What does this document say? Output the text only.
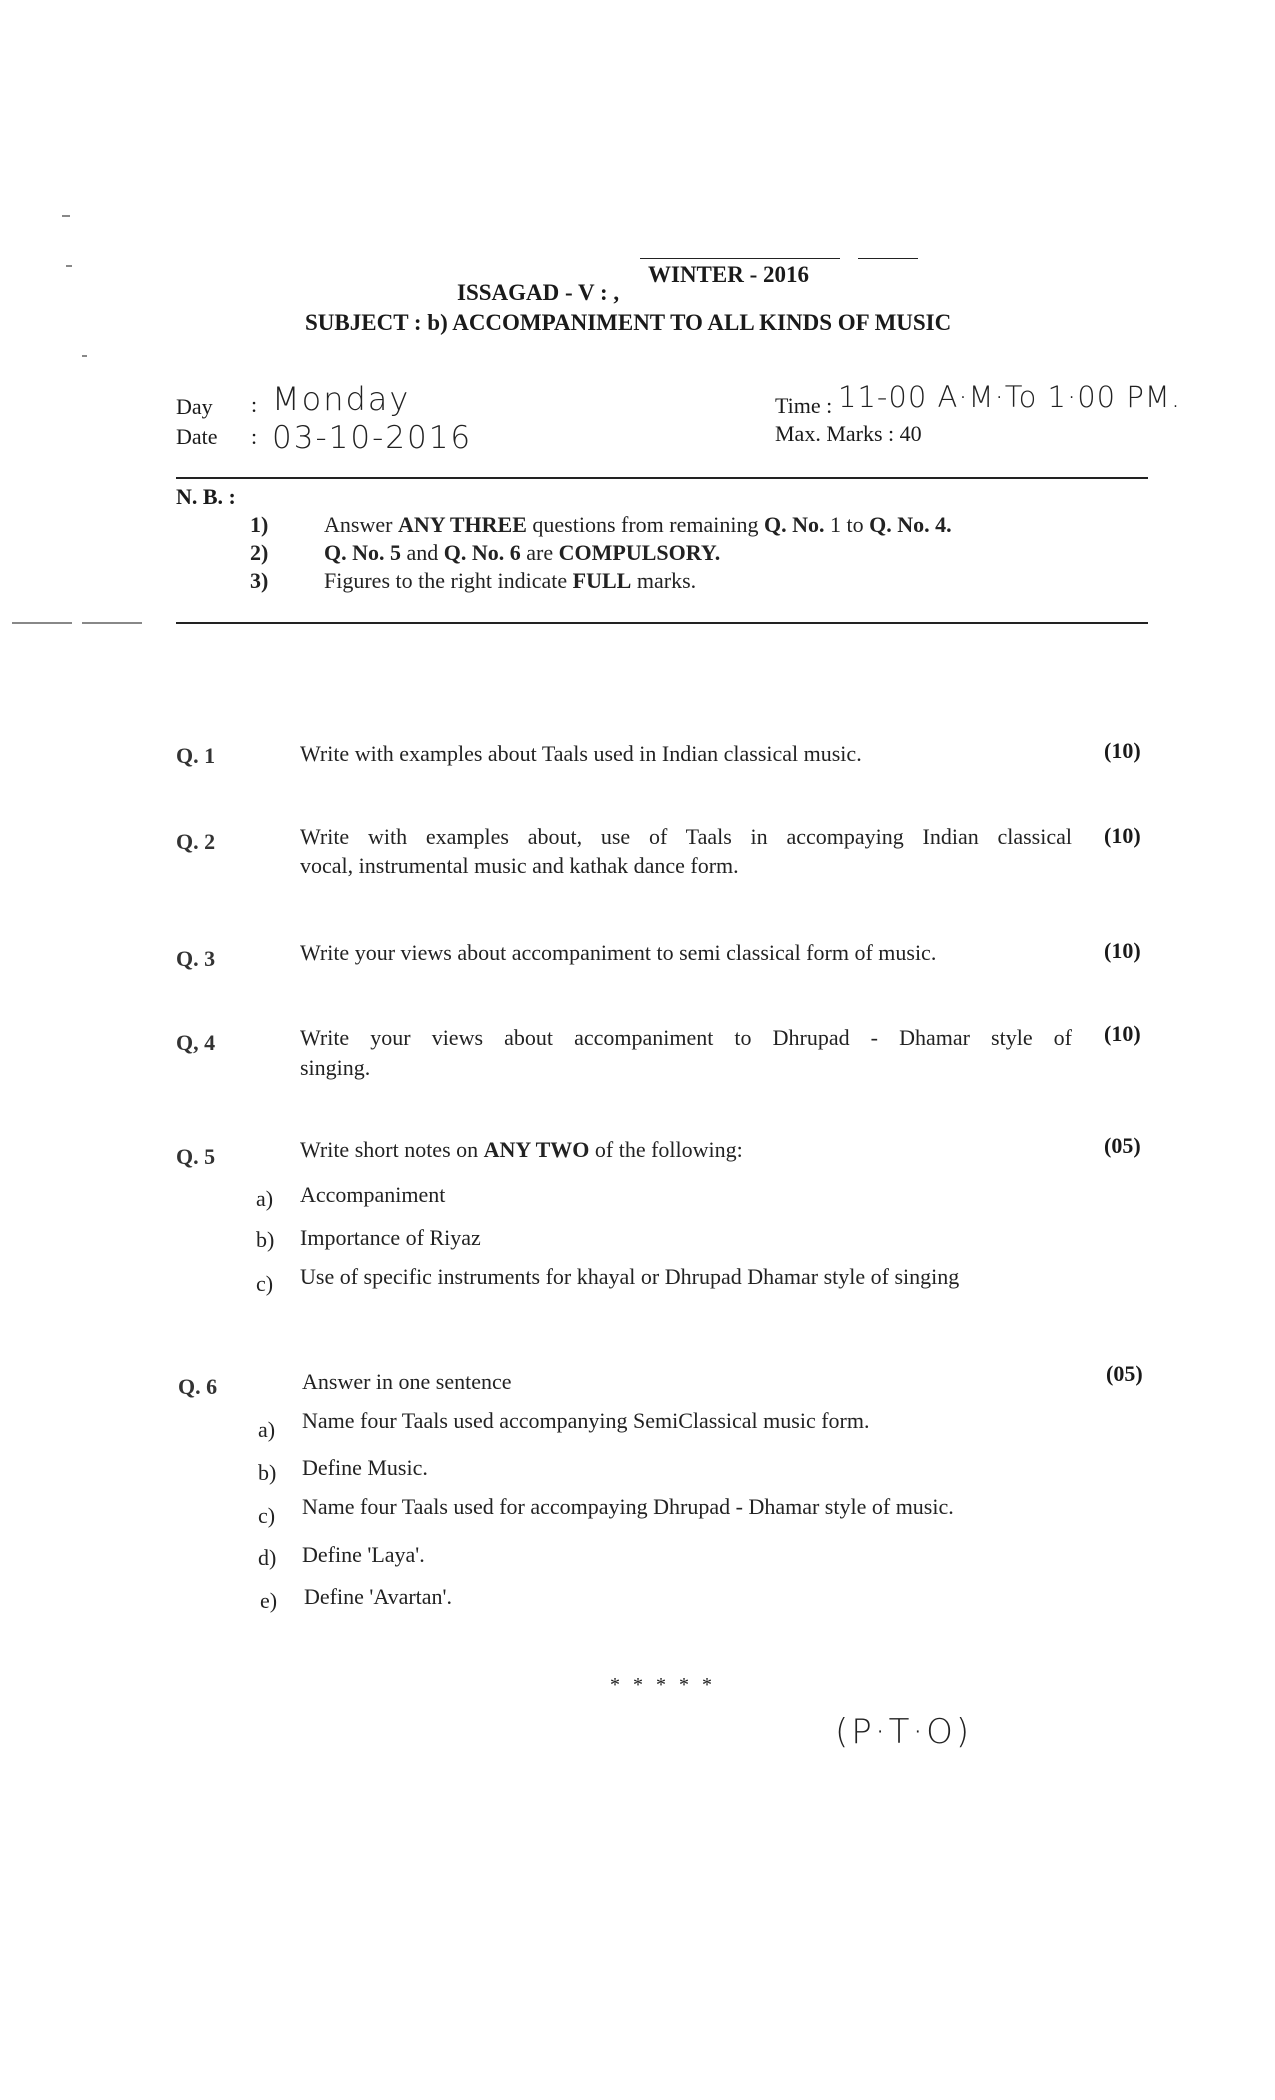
WINTER - 2016
ISSAGAD - V : ,
SUBJECT : b) ACCOMPANIMENT TO ALL KINDS OF MUSIC
Day : Monday
Date : 03-10-2016
Time : 11-00 A·M·To 1·00 PM.
Max. Marks : 40
N. B. :
1)	Answer ANY THREE questions from remaining Q. No. 1 to Q. No. 4.
2)	Q. No. 5 and Q. No. 6 are COMPULSORY.
3)	Figures to the right indicate FULL marks.
Q. 1	Write with examples about Taals used in Indian classical music.	(10)
Q. 2	Write with examples about, use of Taals in accompaying Indian classical
vocal, instrumental music and kathak dance form.
(10)
Q. 3	Write your views about accompaniment to semi classical form of music.	(10)
Q, 4	Write your views about accompaniment to Dhrupad - Dhamar style of
singing.
(10)
Q. 5	Write short notes on ANY TWO of the following:	(05)
a) Accompaniment
b) Importance of Riyaz
c) Use of specific instruments for khayal or Dhrupad Dhamar style of singing
Q. 6	Answer in one sentence	(05)
a) Name four Taals used accompanying SemiClassical music form.
b) Define Music.
c) Name four Taals used for accompaying Dhrupad - Dhamar style of music.
d) Define 'Laya'.
e) Define 'Avartan'.
* * * * *
(P·T·O)
